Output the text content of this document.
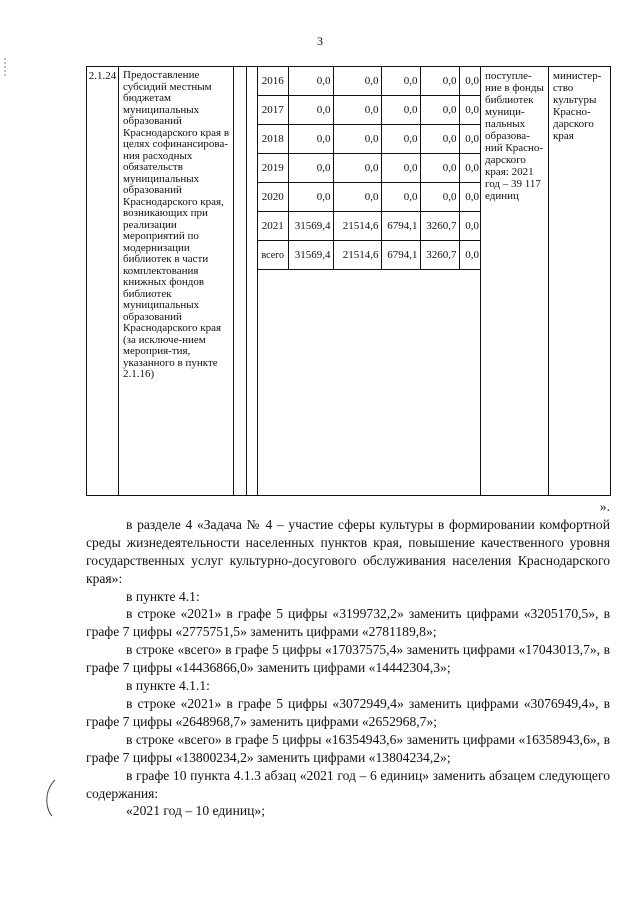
3
2.1.24	Предоставление субсидий местным бюджетам муниципальных образований Краснодарского края в целях софинансирова-ния расходных обязательств муниципальных образований Краснодарского края, возникающих при реализации мероприятий по модернизации библиотек в части комплектования книжных фондов библиотек муниципальных образований Краснодарского края (за исключе-нием мероприя-тия, указанного в пункте 2.1.16)			
2016	0,0	0,0	0,0	0,0	0,0
2017	0,0	0,0	0,0	0,0	0,0
2018	0,0	0,0	0,0	0,0	0,0
2019	0,0	0,0	0,0	0,0	0,0
2020	0,0	0,0	0,0	0,0	0,0
2021	31569,4	21514,6	6794,1	3260,7	0,0
всего	31569,4	21514,6	6794,1	3260,7	0,0
	поступле-ние в фонды библиотек муници-пальных образова-ний Красно-дарского края: 2021 год – 39 117 единиц	министер-ство культуры Красно-дарского края
».
в разделе 4 «Задача № 4 – участие сферы культуры в формировании комфортной среды жизнедеятельности населенных пунктов края, повышение качественного уровня государственных услуг культурно-досугового обслуживания населения Краснодарского края»:
в пункте 4.1:
в строке «2021» в графе 5 цифры «3199732,2» заменить цифрами «3205170,5», в графе 7 цифры «2775751,5» заменить цифрами «2781189,8»;
в строке «всего» в графе 5 цифры «17037575,4» заменить цифрами «17043013,7», в графе 7 цифры «14436866,0» заменить цифрами «14442304,3»;
в пункте 4.1.1:
в строке «2021» в графе 5 цифры «3072949,4» заменить цифрами «3076949,4», в графе 7 цифры «2648968,7» заменить цифрами «2652968,7»;
в строке «всего» в графе 5 цифры «16354943,6» заменить цифрами «16358943,6», в графе 7 цифры «13800234,2» заменить цифрами «13804234,2»;
в графе 10 пункта 4.1.3 абзац «2021 год – 6 единиц» заменить абзацем следующего содержания:
«2021 год – 10 единиц»;
